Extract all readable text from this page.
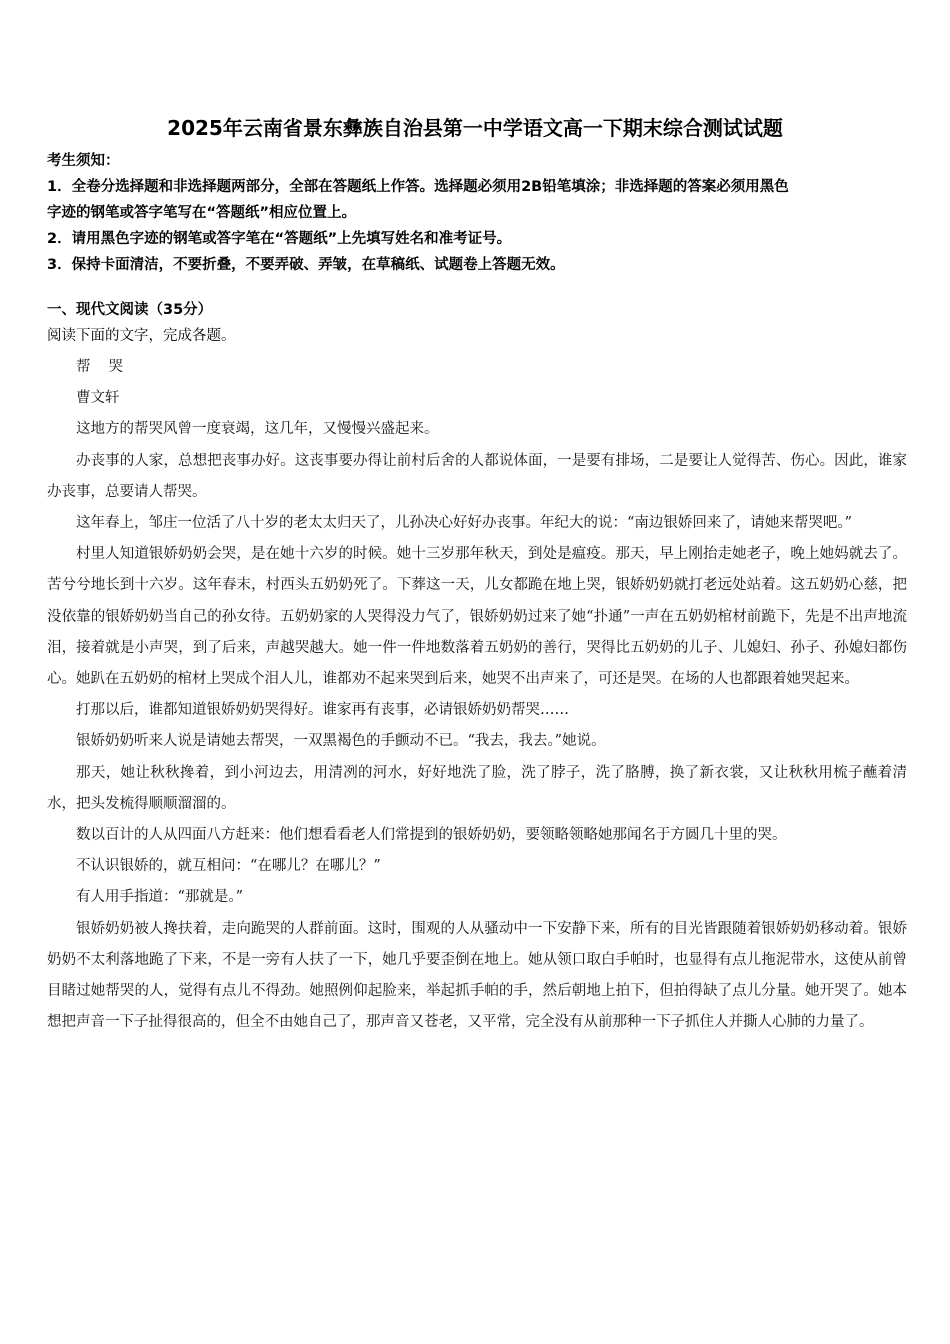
2025年云南省景东彝族自治县第一中学语文高一下期末综合测试试题
考生须知：
1．全卷分选择题和非选择题两部分，全部在答题纸上作答。选择题必须用2B铅笔填涂；非选择题的答案必须用黑色
字迹的钢笔或答字笔写在“答题纸”相应位置上。
2．请用黑色字迹的钢笔或答字笔在“答题纸”上先填写姓名和准考证号。
3．保持卡面清洁，不要折叠，不要弄破、弄皱，在草稿纸、试题卷上答题无效。
一、现代文阅读（35分）
阅读下面的文字，完成各题。
帮哭
曹文轩

这地方的帮哭风曾一度衰竭，这几年，又慢慢兴盛起来。

办丧事的人家，总想把丧事办好。这丧事要办得让前村后舍的人都说体面，一是要有排场，二是要让人觉得苦、伤心。因此，谁家办丧事，总要请人帮哭。

这年春上，邹庄一位活了八十岁的老太太归天了，儿孙决心好好办丧事。年纪大的说：“南边银娇回来了，请她来帮哭吧。”

村里人知道银娇奶奶会哭，是在她十六岁的时候。她十三岁那年秋天，到处是瘟疫。那天，早上刚抬走她老子，晚上她妈就去了。苦兮兮地长到十六岁。这年春末，村西头五奶奶死了。下葬这一天，儿女都跪在地上哭，银娇奶奶就打老远处站着。这五奶奶心慈，把没依靠的银娇奶奶当自己的孙女待。五奶奶家的人哭得没力气了，银娇奶奶过来了她“扑通”一声在五奶奶棺材前跪下，先是不出声地流泪，接着就是小声哭，到了后来，声越哭越大。她一件一件地数落着五奶奶的善行，哭得比五奶奶的儿子、儿媳妇、孙子、孙媳妇都伤心。她趴在五奶奶的棺材上哭成个泪人儿，谁都劝不起来哭到后来，她哭不出声来了，可还是哭。在场的人也都跟着她哭起来。

打那以后，谁都知道银娇奶奶哭得好。谁家再有丧事，必请银娇奶奶帮哭……

银娇奶奶听来人说是请她去帮哭，一双黑褐色的手颤动不已。“我去，我去。”她说。

那天，她让秋秋搀着，到小河边去，用清冽的河水，好好地洗了脸，洗了脖子，洗了胳膊，换了新衣裳，又让秋秋用梳子蘸着清水，把头发梳得顺顺溜溜的。

数以百计的人从四面八方赶来：他们想看看老人们常提到的银娇奶奶，要领略领略她那闻名于方圆几十里的哭。

不认识银娇的，就互相问：“在哪儿？在哪儿？”

有人用手指道：“那就是。”

银娇奶奶被人搀扶着，走向跪哭的人群前面。这时，围观的人从骚动中一下安静下来，所有的目光皆跟随着银娇奶奶移动着。银娇奶奶不太利落地跪了下来，不是一旁有人扶了一下，她几乎要歪倒在地上。她从领口取白手帕时，也显得有点儿拖泥带水，这使从前曾目睹过她帮哭的人，觉得有点儿不得劲。她照例仰起脸来，举起抓手帕的手，然后朝地上拍下，但拍得缺了点儿分量。她开哭了。她本想把声音一下子扯得很高的，但全不由她自己了，那声音又苍老，又平常，完全没有从前那种一下子抓住人并撕人心肺的力量了。
